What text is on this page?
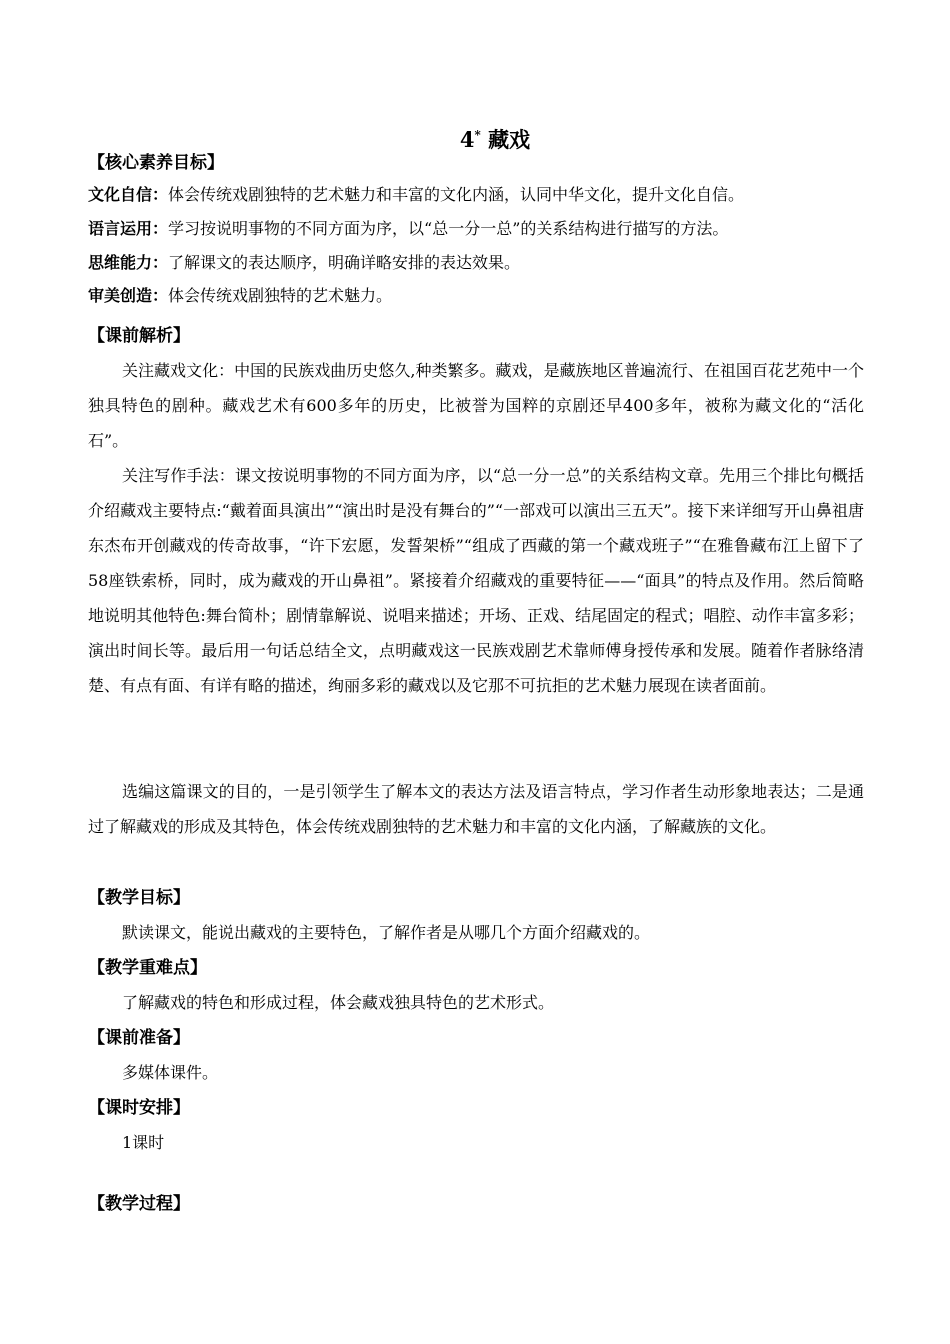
4* 藏戏
【核心素养目标】
文化自信：体会传统戏剧独特的艺术魅力和丰富的文化内涵，认同中华文化，提升文化自信。
语言运用：学习按说明事物的不同方面为序，以“总一分一总”的关系结构进行描写的方法。
思维能力：了解课文的表达顺序，明确详略安排的表达效果。
审美创造：体会传统戏剧独特的艺术魅力。
【课前解析】
关注藏戏文化：中国的民族戏曲历史悠久,种类繁多。藏戏，是藏族地区普遍流行、在祖国百花艺苑中一个独具特色的剧种。藏戏艺术有600多年的历史，比被誉为国粹的京剧还早400多年，被称为藏文化的“活化石”。
关注写作手法：课文按说明事物的不同方面为序，以“总一分一总”的关系结构文章。先用三个排比句概括介绍藏戏主要特点:“戴着面具演出”“演出时是没有舞台的”“一部戏可以演出三五天”。接下来详细写开山鼻祖唐东杰布开创藏戏的传奇故事，“许下宏愿，发誓架桥”“组成了西藏的第一个藏戏班子”“在雅鲁藏布江上留下了58座铁索桥，同时，成为藏戏的开山鼻祖”。紧接着介绍藏戏的重要特征——“面具”的特点及作用。然后简略地说明其他特色:舞台简朴；剧情靠解说、说唱来描述；开场、正戏、结尾固定的程式；唱腔、动作丰富多彩；演出时间长等。最后用一句话总结全文，点明藏戏这一民族戏剧艺术靠师傅身授传承和发展。随着作者脉络清楚、有点有面、有详有略的描述，绚丽多彩的藏戏以及它那不可抗拒的艺术魅力展现在读者面前。
选编这篇课文的目的，一是引领学生了解本文的表达方法及语言特点，学习作者生动形象地表达；二是通过了解藏戏的形成及其特色，体会传统戏剧独特的艺术魅力和丰富的文化内涵，了解藏族的文化。
【教学目标】
默读课文，能说出藏戏的主要特色，了解作者是从哪几个方面介绍藏戏的。
【教学重难点】
了解藏戏的特色和形成过程，体会藏戏独具特色的艺术形式。
【课前准备】
多媒体课件。
【课时安排】
1课时
【教学过程】
